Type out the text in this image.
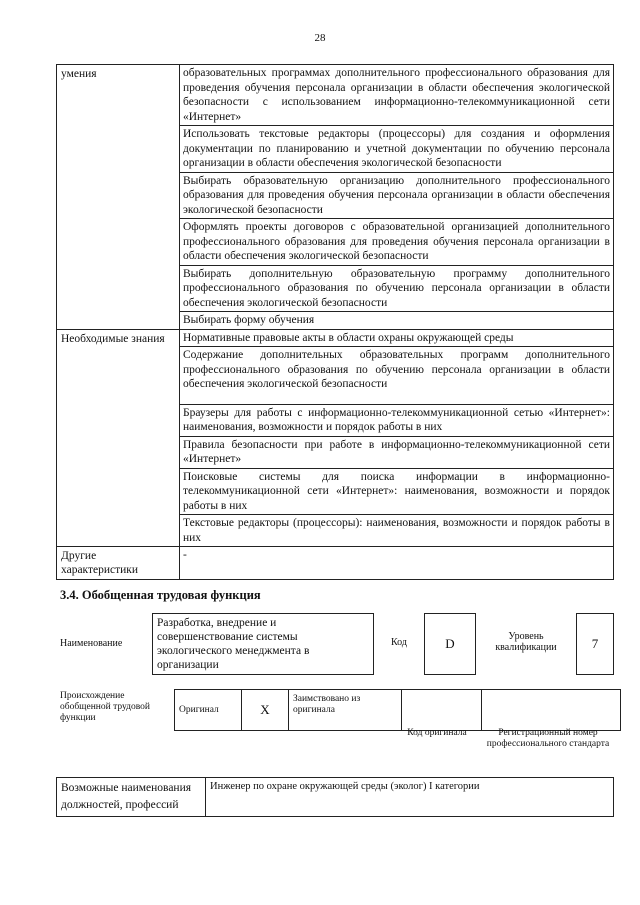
28
умения	образовательных программах дополнительного профессионального образования для проведения обучения персонала организации в области обеспечения экологической безопасности с использованием информационно-телекоммуникационной сети «Интернет»
	Использовать текстовые редакторы (процессоры) для создания и оформления документации по планированию и учетной документации по обучению персонала организации в области обеспечения экологической безопасности
	Выбирать образовательную организацию дополнительного профессионального образования для проведения обучения персонала организации в области обеспечения экологической безопасности
	Оформлять проекты договоров с образовательной организацией дополнительного профессионального образования для проведения обучения персонала организации в области обеспечения экологической безопасности
	Выбирать дополнительную образовательную программу дополнительного профессионального образования по обучению персонала организации в области обеспечения экологической безопасности
	Выбирать форму обучения
Необходимые знания	Нормативные правовые акты в области охраны окружающей среды

	Содержание дополнительных образовательных программ дополнительного профессионального образования по обучению персонала организации в области обеспечения экологической безопасности

	Браузеры для работы с информационно-телекоммуникационной сетью «Интернет»: наименования, возможности и порядок работы в них
	Правила безопасности при работе в информационно-телекоммуникационной сети «Интернет»
	Поисковые системы для поиска информации в информационно-телекоммуникационной сети «Интернет»: наименования, возможности и порядок работы в них
	Текстовые редакторы (процессоры): наименования, возможности и порядок работы в них
Другие характеристики	-
3.4. Обобщенная трудовая функция
Наименование
Разработка, внедрение и совершенствование системы экологического менеджмента в организации
Код	D	Уровень квалификации	7
Происхождение обобщенной трудовой функции
Оригинал	X	Заимствовано из оригинала		
Код оригинала	Регистрационный номер профессионального стандарта
Возможные наименования должностей, профессий	Инженер по охране окружающей среды (эколог) I категории
